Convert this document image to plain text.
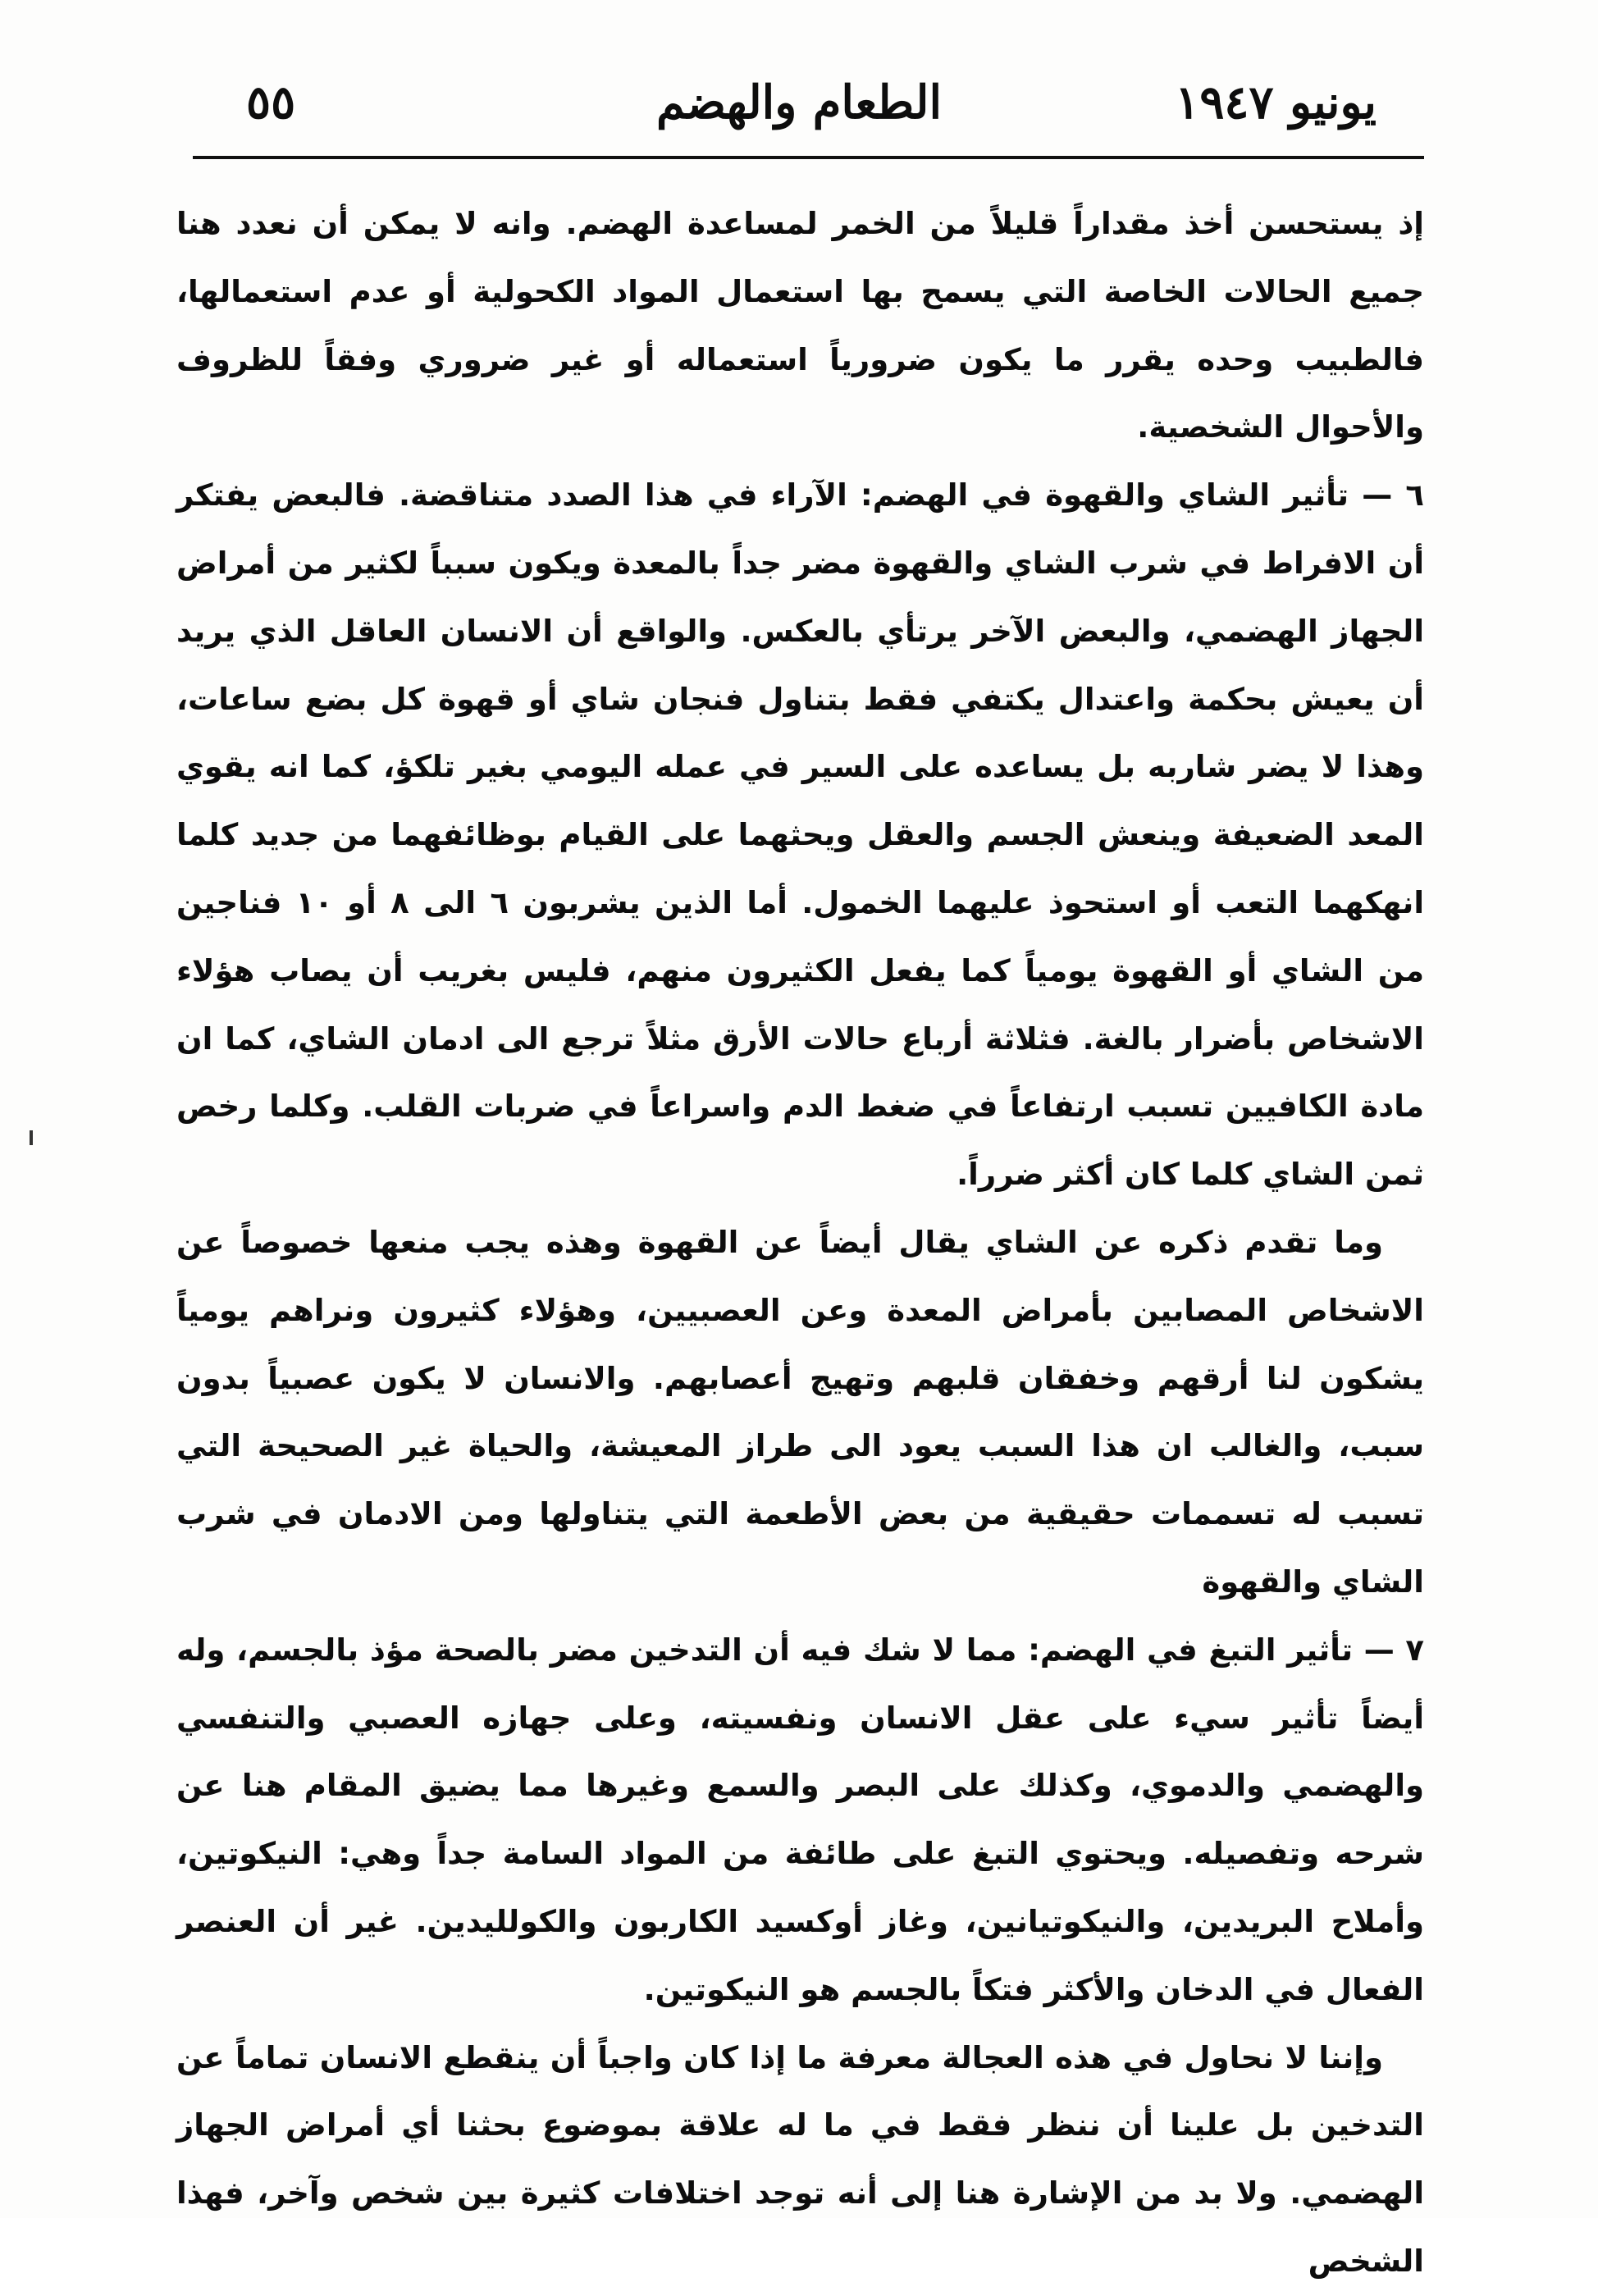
٥٥	الطعام والهضم	يونيو ١٩٤٧

إذ يستحسن أخذ مقداراً قليلاً من الخمر لمساعدة الهضم. وانه لا يمكن أن نعدد هنا جميع الحالات الخاصة التي يسمح بها استعمال المواد الكحولية أو عدم استعمالها، فالطبيب وحده يقرر ما يكون ضرورياً استعماله أو غير ضروري وفقاً للظروف والأحوال الشخصية.

٦ — تأثير الشاي والقهوة في الهضم: الآراء في هذا الصدد متناقضة. فالبعض يفتكر أن الافراط في شرب الشاي والقهوة مضر جداً بالمعدة ويكون سبباً لكثير من أمراض الجهاز الهضمي، والبعض الآخر يرتأي بالعكس. والواقع أن الانسان العاقل الذي يريد أن يعيش بحكمة واعتدال يكتفي فقط بتناول فنجان شاي أو قهوة كل بضع ساعات، وهذا لا يضر شاربه بل يساعده على السير في عمله اليومي بغير تلكؤ، كما انه يقوي المعد الضعيفة وينعش الجسم والعقل ويحثهما على القيام بوظائفهما من جديد كلما انهكهما التعب أو استحوذ عليهما الخمول. أما الذين يشربون ٦ الى ٨ أو ١٠ فناجين من الشاي أو القهوة يومياً كما يفعل الكثيرون منهم، فليس بغريب أن يصاب هؤلاء الاشخاص بأضرار بالغة. فثلاثة أرباع حالات الأرق مثلاً ترجع الى ادمان الشاي، كما ان مادة الكافيين تسبب ارتفاعاً في ضغط الدم واسراعاً في ضربات القلب. وكلما رخص ثمن الشاي كلما كان أكثر ضرراً.

وما تقدم ذكره عن الشاي يقال أيضاً عن القهوة وهذه يجب منعها خصوصاً عن الاشخاص المصابين بأمراض المعدة وعن العصبيين، وهؤلاء كثيرون ونراهم يومياً يشكون لنا أرقهم وخفقان قلبهم وتهيج أعصابهم. والانسان لا يكون عصبياً بدون سبب، والغالب ان هذا السبب يعود الى طراز المعيشة، والحياة غير الصحيحة التي تسبب له تسممات حقيقية من بعض الأطعمة التي يتناولها ومن الادمان في شرب الشاي والقهوة

٧ — تأثير التبغ في الهضم: مما لا شك فيه أن التدخين مضر بالصحة مؤذ بالجسم، وله أيضاً تأثير سيء على عقل الانسان ونفسيته، وعلى جهازه العصبي والتنفسي والهضمي والدموي، وكذلك على البصر والسمع وغيرها مما يضيق المقام هنا عن شرحه وتفصيله. ويحتوي التبغ على طائفة من المواد السامة جداً وهي: النيكوتين، وأملاح البريدين، والنيكوتيانين، وغاز أوكسيد الكاربون والكولليدين. غير أن العنصر الفعال في الدخان والأكثر فتكاً بالجسم هو النيكوتين.

وإننا لا نحاول في هذه العجالة معرفة ما إذا كان واجباً أن ينقطع الانسان تماماً عن التدخين بل علينا أن ننظر فقط في ما له علاقة بموضوع بحثنا أي أمراض الجهاز الهضمي. ولا بد من الإشارة هنا إلى أنه توجد اختلافات كثيرة بين شخص وآخر، فهذا الشخص
